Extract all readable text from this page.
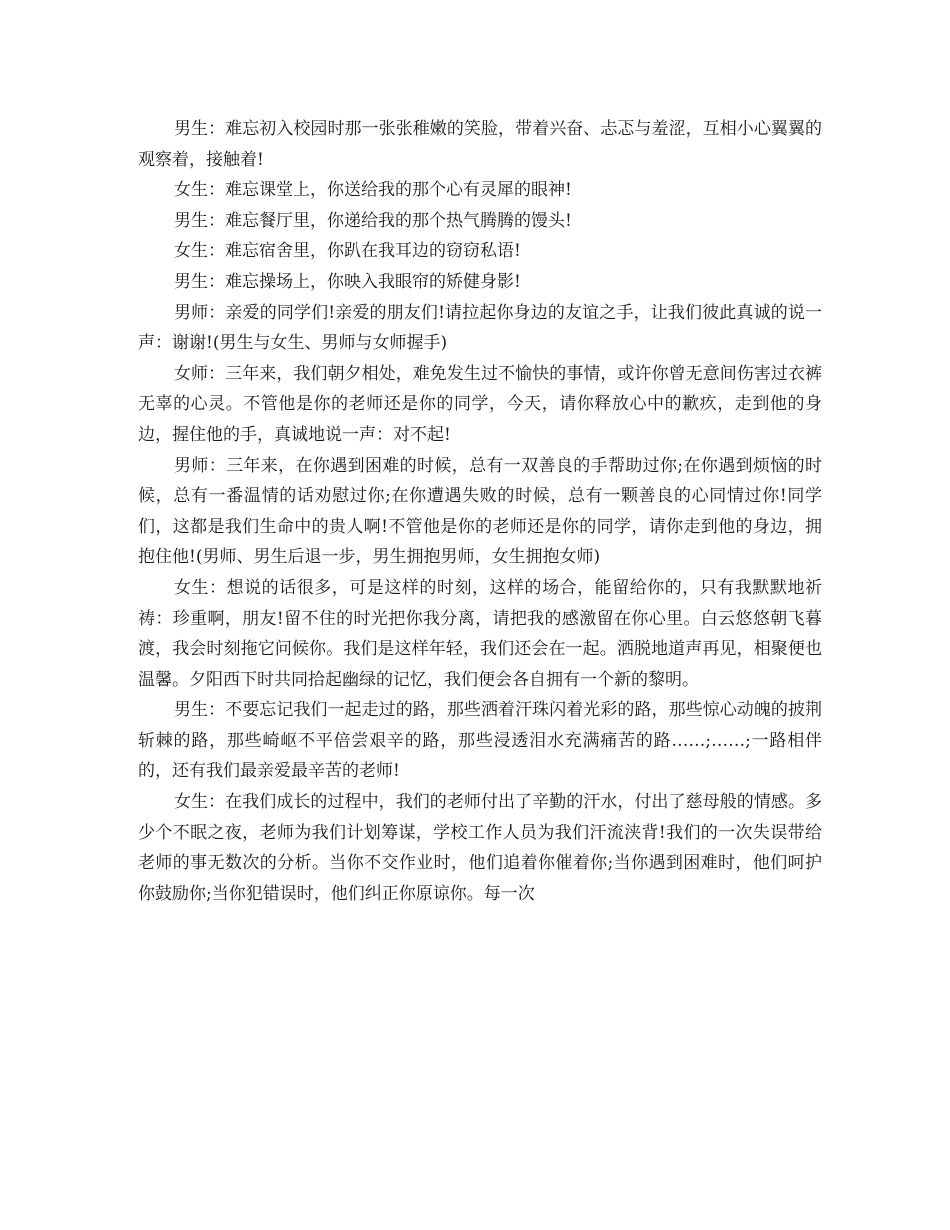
男生：难忘初入校园时那一张张稚嫩的笑脸，带着兴奋、忐忑与羞涩，互相小心翼翼的观察着，接触着!

女生：难忘课堂上，你送给我的那个心有灵犀的眼神!

男生：难忘餐厅里，你递给我的那个热气腾腾的馒头!

女生：难忘宿舍里，你趴在我耳边的窃窃私语!

男生：难忘操场上，你映入我眼帘的矫健身影!

男师：亲爱的同学们!亲爱的朋友们!请拉起你身边的友谊之手，让我们彼此真诚的说一声：谢谢!(男生与女生、男师与女师握手)

女师：三年来，我们朝夕相处，难免发生过不愉快的事情，或许你曾无意间伤害过衣裤无辜的心灵。不管他是你的老师还是你的同学，今天，请你释放心中的歉疚，走到他的身边，握住他的手，真诚地说一声：对不起!

男师：三年来，在你遇到困难的时候，总有一双善良的手帮助过你;在你遇到烦恼的时候，总有一番温情的话劝慰过你;在你遭遇失败的时候，总有一颗善良的心同情过你!同学们，这都是我们生命中的贵人啊!不管他是你的老师还是你的同学，请你走到他的身边，拥抱住他!(男师、男生后退一步，男生拥抱男师，女生拥抱女师)

女生：想说的话很多，可是这样的时刻，这样的场合，能留给你的，只有我默默地祈祷：珍重啊，朋友!留不住的时光把你我分离，请把我的感激留在你心里。白云悠悠朝飞暮渡，我会时刻拖它问候你。我们是这样年轻，我们还会在一起。洒脱地道声再见，相聚便也温馨。夕阳西下时共同拾起幽绿的记忆，我们便会各自拥有一个新的黎明。

男生：不要忘记我们一起走过的路，那些洒着汗珠闪着光彩的路，那些惊心动魄的披荆斩棘的路，那些崎岖不平倍尝艰辛的路，那些浸透泪水充满痛苦的路……;……;一路相伴的，还有我们最亲爱最辛苦的老师!

女生：在我们成长的过程中，我们的老师付出了辛勤的汗水，付出了慈母般的情感。多少个不眠之夜，老师为我们计划筹谋，学校工作人员为我们汗流浃背!我们的一次失误带给老师的事无数次的分析。当你不交作业时，他们追着你催着你;当你遇到困难时，他们呵护你鼓励你;当你犯错误时，他们纠正你原谅你。每一次
